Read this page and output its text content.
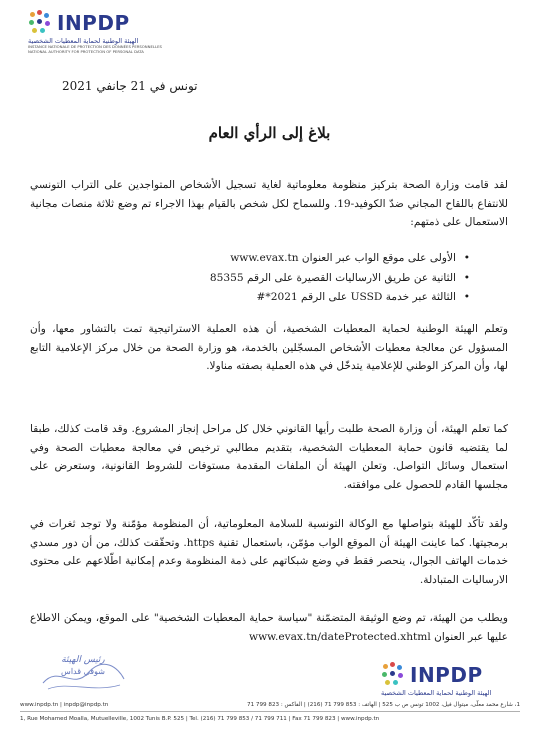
INPDP
الهيئة الوطنية لحماية المعطيات الشخصية
INSTANCE NATIONALE DE PROTECTION DES DONNÉES PERSONNELLES
NATIONAL AUTHORITY FOR PROTECTION OF PERSONAL DATA
تونس في 21 جانفي 2021
بلاغ إلى الرأي العام
لقد قامت وزارة الصحة بتركيز منظومة معلوماتية لغاية تسجيل الأشخاص المتواجدين على التراب التونسي للانتفاع باللقاح المجاني ضدّ الكوفيد-19. وللسماح لكل شخص بالقيام بهذا الاجراء تم وضع ثلاثة منصات مجانية الاستعمال على ذمتهم:
•
الأولى على موقع الواب عبر العنوان www.evax.tn
•
الثانية عن طريق الارساليات القصيرة على الرقم 85355
•
الثالثة عبر خدمة USSD على الرقم 2021*#
وتعلم الهيئة الوطنية لحماية المعطيات الشخصية، أن هذه العملية الاستراتيجية تمت بالتشاور معها، وأن المسؤول عن معالجة معطيات الأشخاص المسجّلين بالخدمة، هو وزارة الصحة من خلال مركز الإعلامية التابع لها، وأن المركز الوطني للإعلامية يتدخّل في هذه العملية بصفته مناولا.
كما تعلم الهيئة، أن وزارة الصحة طلبت رأيها القانوني خلال كل مراحل إنجاز المشروع. وقد قامت كذلك، طبقا لما يقتضيه قانون حماية المعطيات الشخصية، بتقديم مطالبي ترخيص في معالجة معطيات الصحة وفي استعمال وسائل التواصل. وتعلن الهيئة أن الملفات المقدمة مستوفات للشروط القانونية، وستعرض على مجلسها القادم للحصول على موافقته.
ولقد تأكّد للهيئة بتواصلها مع الوكالة التونسية للسلامة المعلوماتية، أن المنظومة مؤمّنة ولا توجد ثغرات في برمجيتها. كما عاينت الهيئة أن الموقع الواب مؤمّن، باستعمال تقنية https. وتحقّقت كذلك، من أن دور مسدي خدمات الهاتف الجوال، ينحصر فقط في وضع شبكاتهم على ذمة المنظومة وعدم إمكانية اطّلاعهم على محتوى الارساليات المتبادلة.
ويطلب من الهيئة، تم وضع الوثيقة المتضمّنة "سياسة حماية المعطيات الشخصية" على الموقع، ويمكن الاطلاع عليها عبر العنوان www.evax.tn/dateProtected.xhtml
رئيس الهيئة
شوقي قداس	INPDP
الهيئة الوطنية لحماية المعطيات الشخصية
www.inpdp.tn | inpdp@inpdp.tn	1، شارع محمد معلّى، ميتوال فيل، 1002 تونس ص ب 525 | الهاتف : 853 799 71 (216) | الفاكس : 823 799 71
1, Rue Mohamed Moalla, Mutuelleville, 1002 Tunis B.P. 525 | Tel. (216) 71 799 853 / 71 799 711 | Fax 71 799 823 | www.inpdp.tn
